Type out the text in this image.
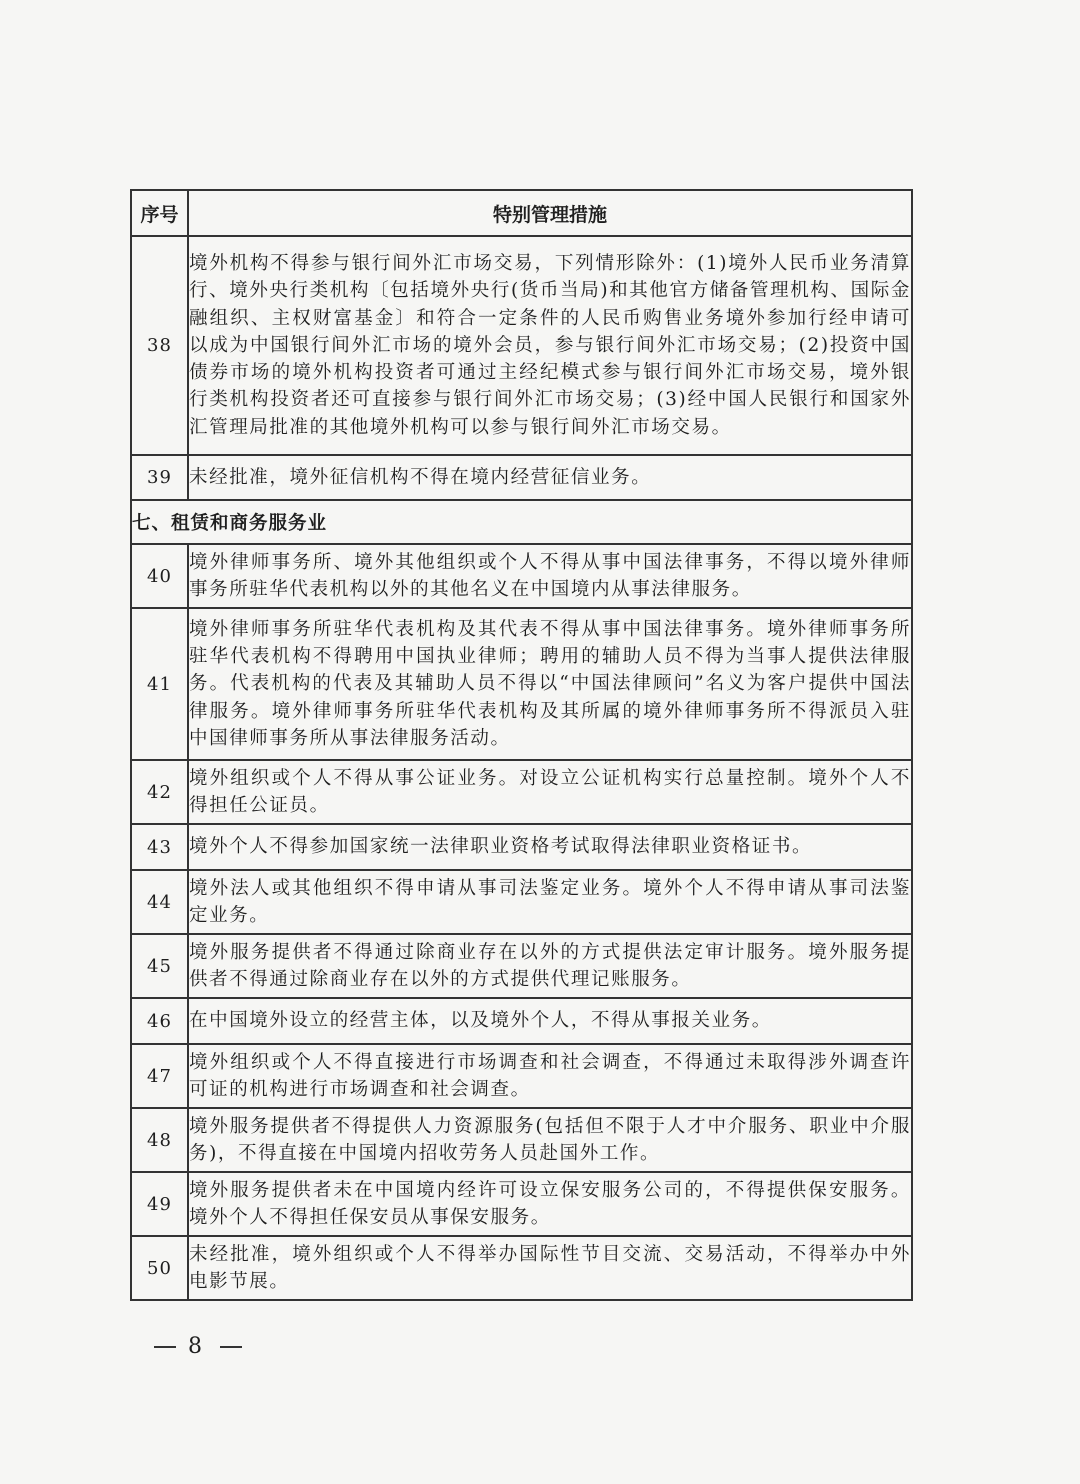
序号	特别管理措施
38	境外机构不得参与银行间外汇市场交易，下列情形除外：(1)境外人民币业务清算行、境外央行类机构〔包括境外央行(货币当局)和其他官方储备管理机构、国际金融组织、主权财富基金〕和符合一定条件的人民币购售业务境外参加行经申请可以成为中国银行间外汇市场的境外会员，参与银行间外汇市场交易；(2)投资中国债券市场的境外机构投资者可通过主经纪模式参与银行间外汇市场交易，境外银行类机构投资者还可直接参与银行间外汇市场交易；(3)经中国人民银行和国家外汇管理局批准的其他境外机构可以参与银行间外汇市场交易。
39	未经批准，境外征信机构不得在境内经营征信业务。
七、租赁和商务服务业	
40	境外律师事务所、境外其他组织或个人不得从事中国法律事务，不得以境外律师事务所驻华代表机构以外的其他名义在中国境内从事法律服务。
41	境外律师事务所驻华代表机构及其代表不得从事中国法律事务。境外律师事务所驻华代表机构不得聘用中国执业律师；聘用的辅助人员不得为当事人提供法律服务。代表机构的代表及其辅助人员不得以“中国法律顾问”名义为客户提供中国法律服务。境外律师事务所驻华代表机构及其所属的境外律师事务所不得派员入驻中国律师事务所从事法律服务活动。
42	境外组织或个人不得从事公证业务。对设立公证机构实行总量控制。境外个人不得担任公证员。
43	境外个人不得参加国家统一法律职业资格考试取得法律职业资格证书。
44	境外法人或其他组织不得申请从事司法鉴定业务。境外个人不得申请从事司法鉴定业务。
45	境外服务提供者不得通过除商业存在以外的方式提供法定审计服务。境外服务提供者不得通过除商业存在以外的方式提供代理记账服务。
46	在中国境外设立的经营主体，以及境外个人，不得从事报关业务。
47	境外组织或个人不得直接进行市场调查和社会调查，不得通过未取得涉外调查许可证的机构进行市场调查和社会调查。
48	境外服务提供者不得提供人力资源服务(包括但不限于人才中介服务、职业中介服务)，不得直接在中国境内招收劳务人员赴国外工作。
49	境外服务提供者未在中国境内经许可设立保安服务公司的，不得提供保安服务。境外个人不得担任保安员从事保安服务。
50	未经批准，境外组织或个人不得举办国际性节目交流、交易活动，不得举办中外电影节展。
8
